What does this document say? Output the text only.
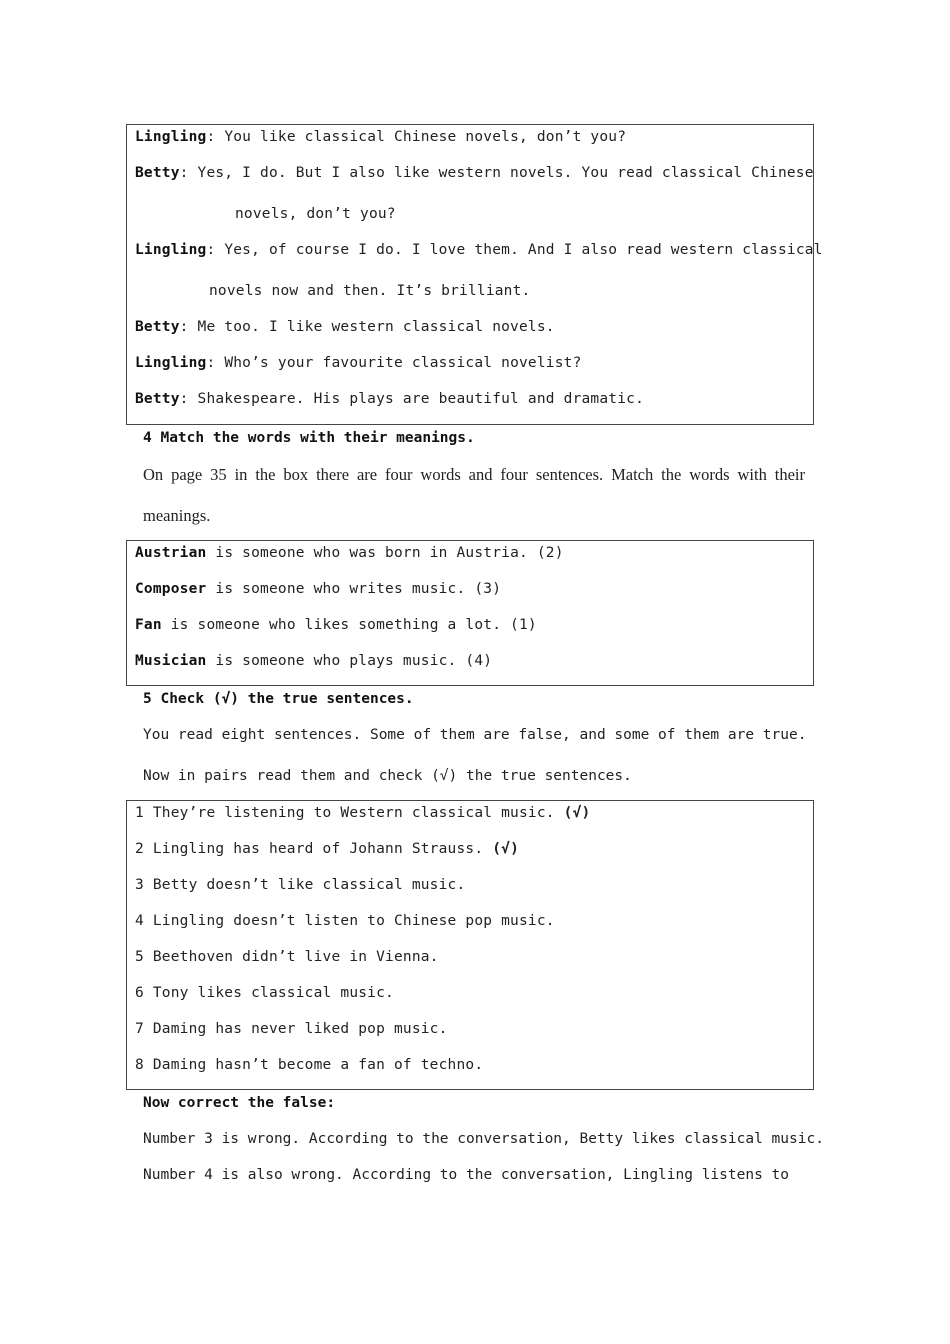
Lingling: You like classical Chinese novels, don’t you?
Betty: Yes, I do. But I also like western novels. You read classical Chinese
novels, don’t you?
Lingling: Yes, of course I do. I love them. And I also read western classical
novels now and then. It’s brilliant.
Betty: Me too. I like western classical novels.
Lingling: Who’s your favourite classical novelist?
Betty: Shakespeare. His plays are beautiful and dramatic.
4 Match the words with their meanings.
On page 35 in the box there are four words and four sentences. Match the words with their
meanings.
Austrian is someone who was born in Austria. (2)
Composer is someone who writes music. (3)
Fan is someone who likes something a lot. (1)
Musician is someone who plays music. (4)
5 Check (√) the true sentences.
You read eight sentences. Some of them are false, and some of them are true.
Now in pairs read them and check (√) the true sentences.
1 They’re listening to Western classical music. (√)
2 Lingling has heard of Johann Strauss. (√)
3 Betty doesn’t like classical music.
4 Lingling doesn’t listen to Chinese pop music.
5 Beethoven didn’t live in Vienna.
6 Tony likes classical music.
7 Daming has never liked pop music.
8 Daming hasn’t become a fan of techno.
Now correct the false:
Number 3 is wrong. According to the conversation, Betty likes classical music.
Number 4 is also wrong. According to the conversation, Lingling listens to
